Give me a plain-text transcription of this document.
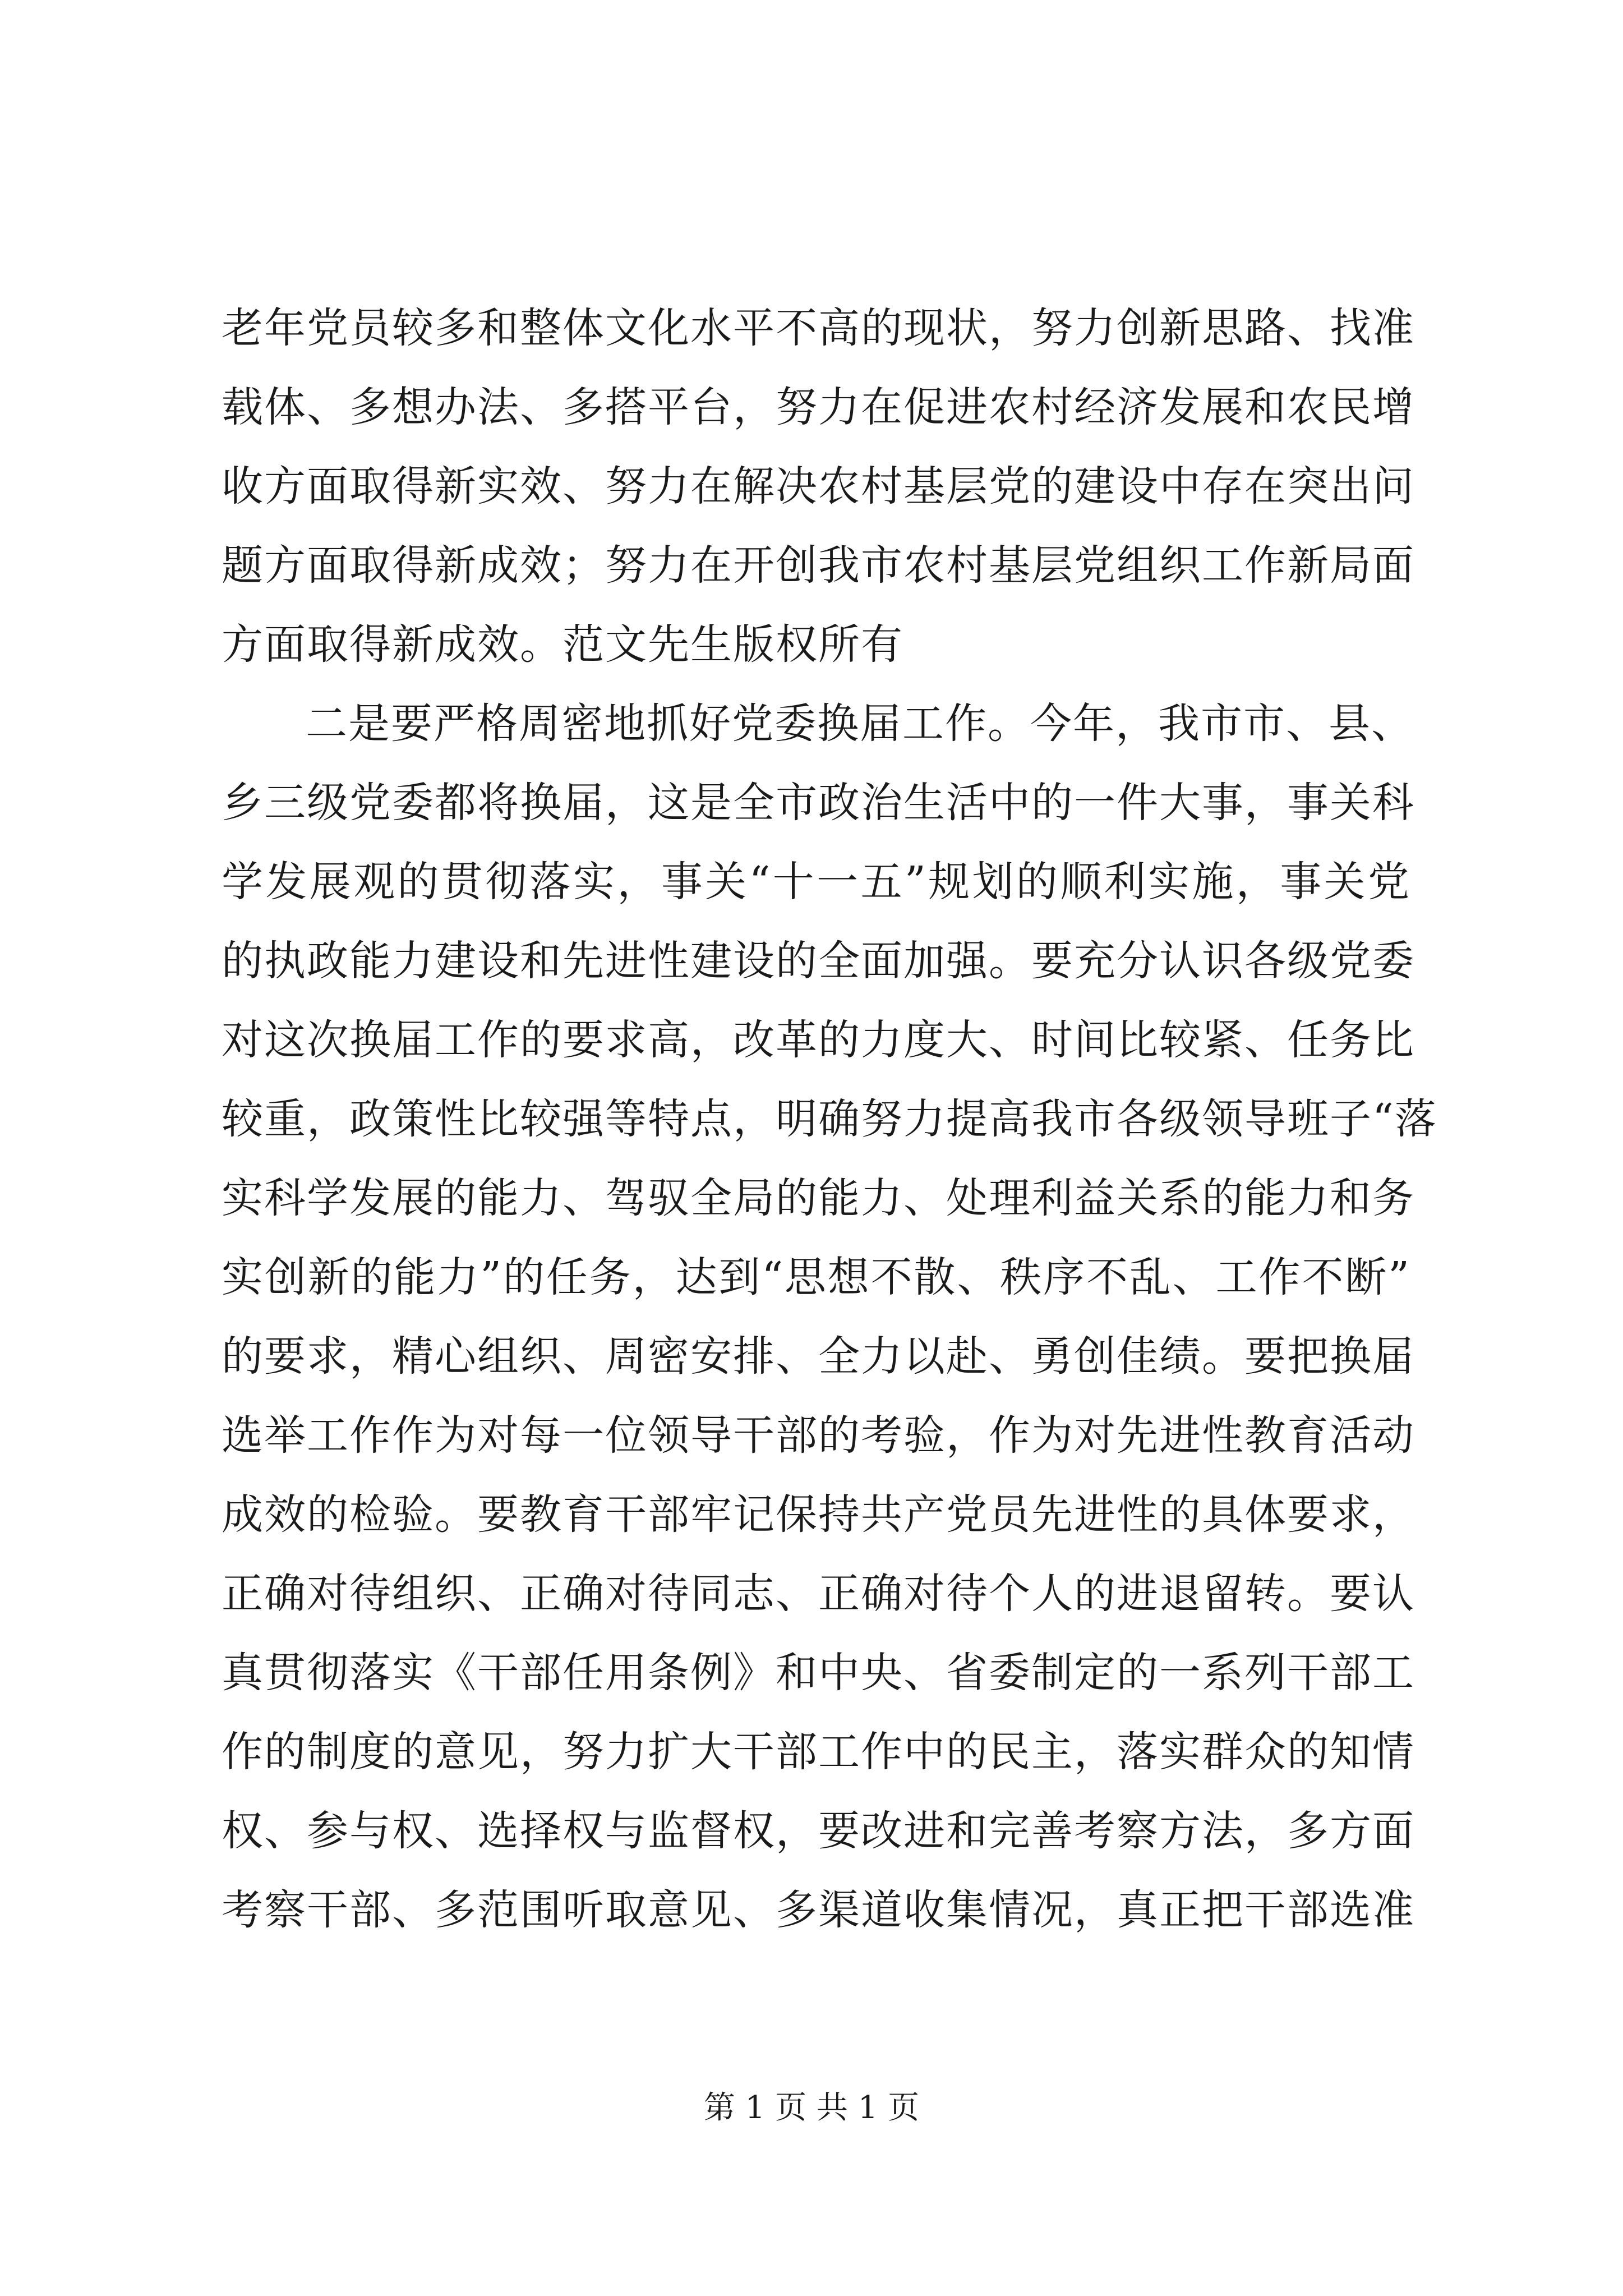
老年党员较多和整体文化水平不高的现状，努力创新思路、找准
载体、多想办法、多搭平台，努力在促进农村经济发展和农民增
收方面取得新实效、努力在解决农村基层党的建设中存在突出问
题方面取得新成效；努力在开创我市农村基层党组织工作新局面
方面取得新成效。范文先生版权所有
二是要严格周密地抓好党委换届工作。今年，我市市、县、
乡三级党委都将换届，这是全市政治生活中的一件大事，事关科
学发展观的贯彻落实，事关“十一五”规划的顺利实施，事关党
的执政能力建设和先进性建设的全面加强。要充分认识各级党委
对这次换届工作的要求高，改革的力度大、时间比较紧、任务比
较重，政策性比较强等特点，明确努力提高我市各级领导班子“落
实科学发展的能力、驾驭全局的能力、处理利益关系的能力和务
实创新的能力”的任务，达到“思想不散、秩序不乱、工作不断”
的要求，精心组织、周密安排、全力以赴、勇创佳绩。要把换届
选举工作作为对每一位领导干部的考验，作为对先进性教育活动
成效的检验。要教育干部牢记保持共产党员先进性的具体要求，
正确对待组织、正确对待同志、正确对待个人的进退留转。要认
真贯彻落实《干部任用条例》和中央、省委制定的一系列干部工
作的制度的意见，努力扩大干部工作中的民主，落实群众的知情
权、参与权、选择权与监督权，要改进和完善考察方法，多方面
考察干部、多范围听取意见、多渠道收集情况，真正把干部选准
第 1 页 共 1 页
